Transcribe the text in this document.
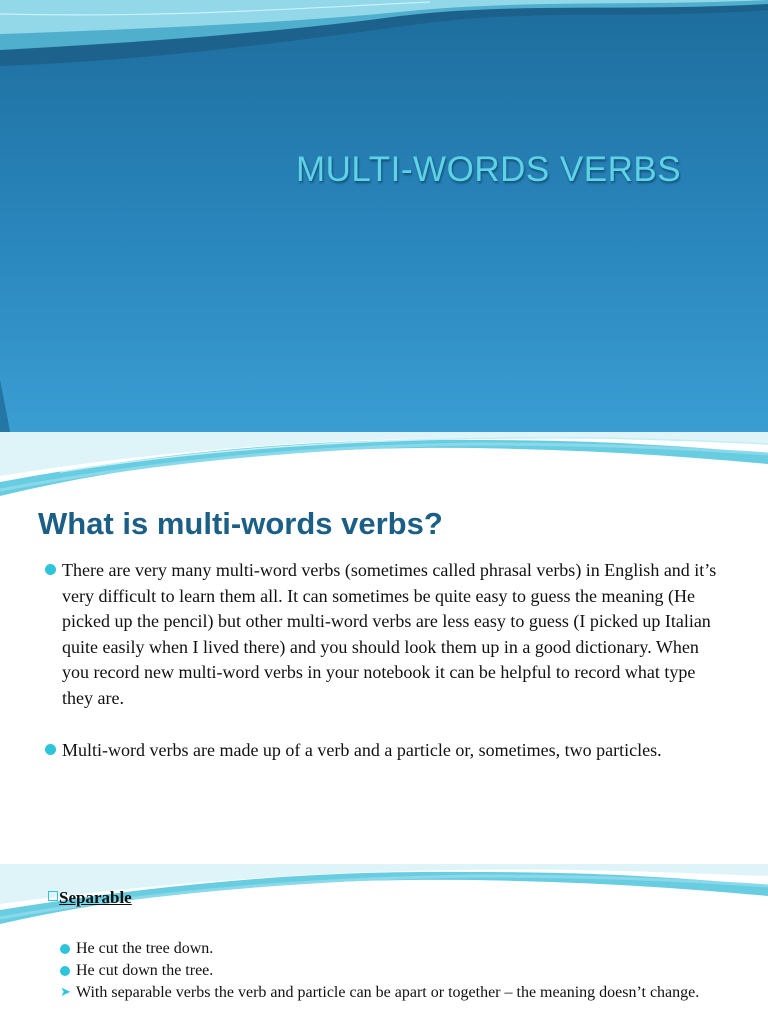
MULTI-WORDS VERBS
What is multi-words verbs?
There are very many multi-word verbs (sometimes called phrasal verbs) in English and it’s very difficult to learn them all. It can sometimes be quite easy to guess the meaning (He picked up the pencil) but other multi-word verbs are less easy to guess (I picked up Italian quite easily when I lived there) and you should look them up in a good dictionary. When you record new multi-word verbs in your notebook it can be helpful to record what type they are.
Multi-word verbs are made up of a verb and a particle or, sometimes, two particles.
Separable
He cut the tree down.
He cut down the tree.
➤ With separable verbs the verb and particle can be apart or together – the meaning doesn’t change.
